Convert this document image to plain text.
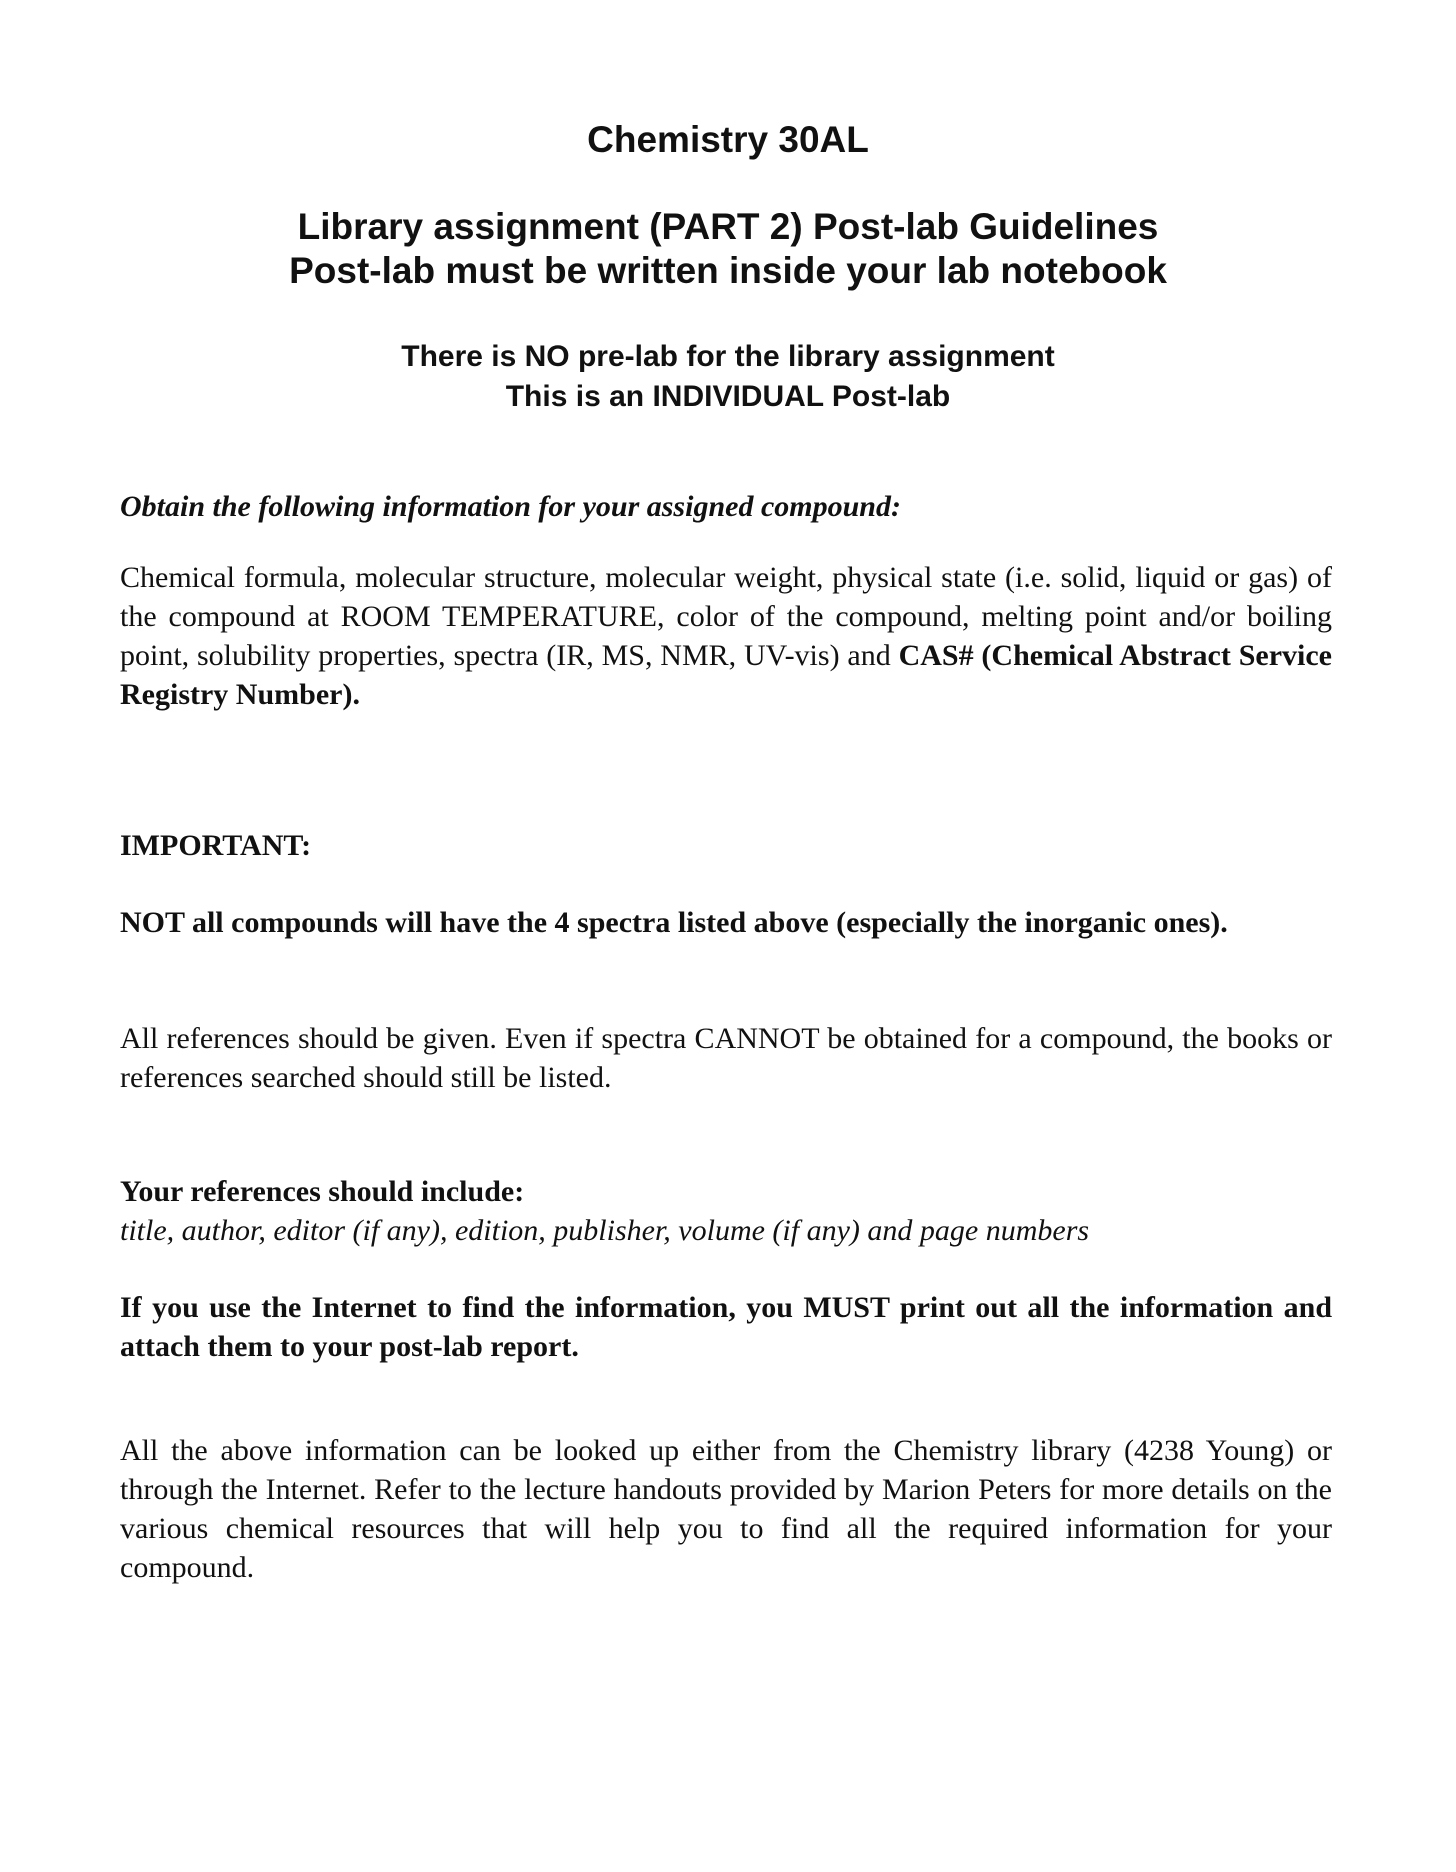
Chemistry 30AL
Library assignment (PART 2) Post-lab Guidelines
Post-lab must be written inside your lab notebook
There is NO pre-lab for the library assignment
This is an INDIVIDUAL Post-lab

Obtain the following information for your assigned compound:

Chemical formula, molecular structure, molecular weight, physical state (i.e. solid, liquid or gas) of the compound at ROOM TEMPERATURE, color of the compound, melting point and/or boiling point, solubility properties, spectra (IR, MS, NMR, UV-vis) and CAS# (Chemical Abstract Service Registry Number).

IMPORTANT:

NOT all compounds will have the 4 spectra listed above (especially the inorganic ones).

All references should be given. Even if spectra CANNOT be obtained for a compound, the books or references searched should still be listed.

Your references should include:

title, author, editor (if any), edition, publisher, volume (if any) and page numbers

If you use the Internet to find the information, you MUST print out all the information and attach them to your post-lab report.

All the above information can be looked up either from the Chemistry library (4238 Young) or through the Internet. Refer to the lecture handouts provided by Marion Peters for more details on the various chemical resources that will help you to find all the required information for your compound.
